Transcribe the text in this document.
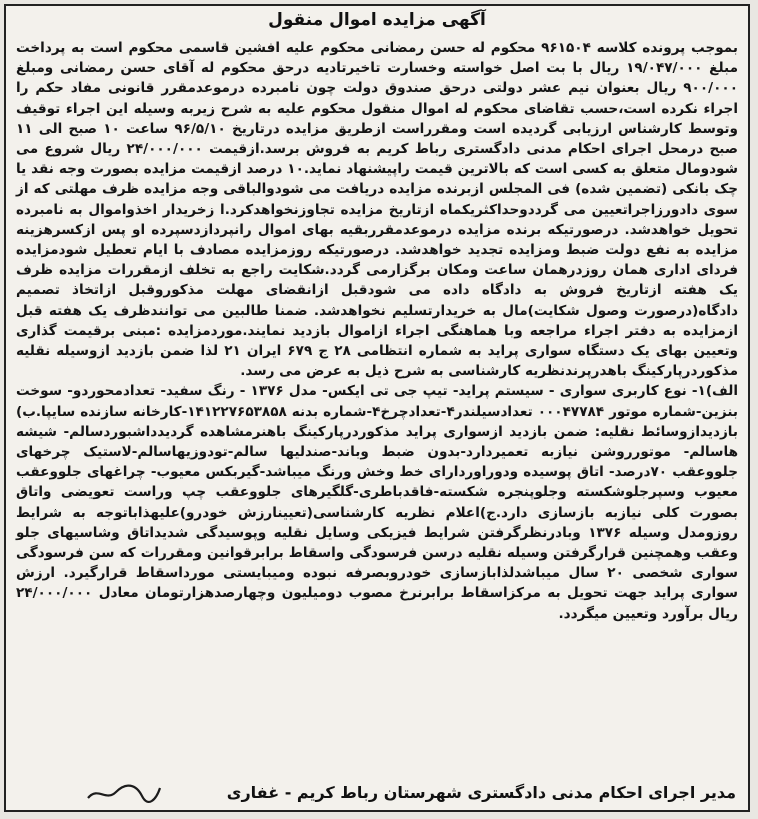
آگهی مزایده اموال منقول

بموجب پرونده کلاسه ۹۶۱۵۰۴ محکوم له حسن رمضانی محکوم علیه افشین قاسمی محکوم است به پرداخت مبلغ ۱۹/۰۴۷/۰۰۰ ریال با بت اصل خواسته وخسارت تاخیرتادیه درحق محکوم له آقای حسن رمضانی ومبلغ ۹۰۰/۰۰۰ ریال بعنوان نیم عشر دولتی درحق صندوق دولت چون نامبرده درموعدمقرر قانونی مفاد حکم را اجراء نکرده است،حسب تقاضای محکوم له اموال منقول محکوم علیه به شرح زیربه وسیله این اجراء توقیف وتوسط کارشناس ارزیابی گردیده است ومقرراست ازطریق مزایده درتاریخ ۹۶/۵/۱۰ ساعت ۱۰ صبح الی ۱۱ صبح درمحل اجرای احکام مدنی دادگستری رباط کریم به فروش برسد.ازقیمت ۲۴/۰۰۰/۰۰۰ ریال شروع می شودومال متعلق به کسی است که بالاترین قیمت راپیشنهاد نماید.۱۰ درصد ازقیمت مزایده بصورت وجه نقد یا چک بانکی (تضمین شده) فی المجلس ازبرنده مزایده دریافت می شودوالباقی وجه مزایده ظرف مهلتی که از سوی دادورزاجراتعیین می گرددوحداکثریکماه ازتاریخ مزایده تجاوزنخواهدکرد.ا زخریدار اخذواموال به نامبرده تحویل خواهدشد. درصورتیکه برنده مزایده درموعدمقرربقیه بهای اموال رانپردازدسپرده او پس ازکسرهزینه مزایده به نفع دولت ضبط ومزایده تجدید خواهدشد. درصورتیکه روزمزایده مصادف با ایام تعطیل شودمزایده فردای اداری همان روزدرهمان ساعت ومکان برگزارمی گردد.شکایت راجع به تخلف ازمقررات مزایده ظرف یک هفته ازتاریخ فروش به دادگاه داده می شودقبل ازانقضای مهلت مذکوروقبل ازاتخاذ تصمیم دادگاه(درصورت وصول شکایت)مال به خریدارتسلیم نخواهدشد. ضمنا طالبین می توانندظرف یک هفته قبل ازمزایده به دفتر اجراء مراجعه وبا هماهنگی اجراء ازاموال بازدید نمایند.موردمزایده :مبنی برقیمت گذاری وتعیین بهای یک دستگاه سواری پراید به شماره انتظامی ۲۸ ج ۶۷۹ ایران ۲۱ لذا ضمن بازدید ازوسیله نقلیه مذکوردرپارکینگ باهدرپرندنظریه کارشناسی به شرح ذیل به عرض می رسد.

الف)۱- نوع کاربری سواری - سیستم پراید- تیپ جی تی ایکس- مدل ۱۳۷۶ - رنگ سفید- تعدادمحوردو- سوخت بنزین-شماره موتور ۰۰۰۴۷۷۸۴ تعدادسیلندر۴-تعدادچرخ۴-شماره بدنه ۱۴۱۲۲۷۶۵۳۸۵۸-کارخانه سازنده سایپا.ب) بازدیدازوسائط نقلیه: ضمن بازدید ازسواری پراید مذکوردرپارکینگ باهنرمشاهده گردیدداشبوردسالم- شیشه هاسالم- موتورروشن نیازبه تعمیردارد-بدون ضبط وباند-صندلیها سالم-تودوزیهاسالم-لاستیک چرخهای جلووعقب ۷۰درصد- اتاق پوسیده ودوراوردارای خط وخش ورنگ میباشد-گیربکس معیوب- چراغهای جلووعقب معیوب وسپرجلوشکسته وجلوپنجره شکسته-فاقدباطری-گلگیرهای جلووعقب چپ وراست تعویضی واتاق بصورت کلی نیازبه بازسازی دارد.ج)اعلام نظریه کارشناسی(تعیینارزش خودرو)علیهذاباتوجه به شرایط روزومدل وسیله ۱۳۷۶ وبادرنظرگرفتن شرایط فیزیکی وسایل نقلیه وپوسیدگی شدیداتاق وشاسیهای جلو وعقب وهمچنین قرارگرفتن وسیله نقلیه درسن فرسودگی واسقاط برابرقوانین ومقررات که سن فرسودگی سواری شخصی ۲۰ سال میباشدلذابازسازی خودروبصرفه نبوده ومیبایستی مورداسقاط قرارگیرد. ارزش سواری پراید جهت تحویل به مرکزاسقاط برابرنرخ مصوب دومیلیون وچهارصدهزارتومان معادل ۲۴/۰۰۰/۰۰۰ ریال برآورد وتعیین میگردد.

مدیر اجرای احکام مدنی دادگستری شهرستان رباط کریم - غفاری
